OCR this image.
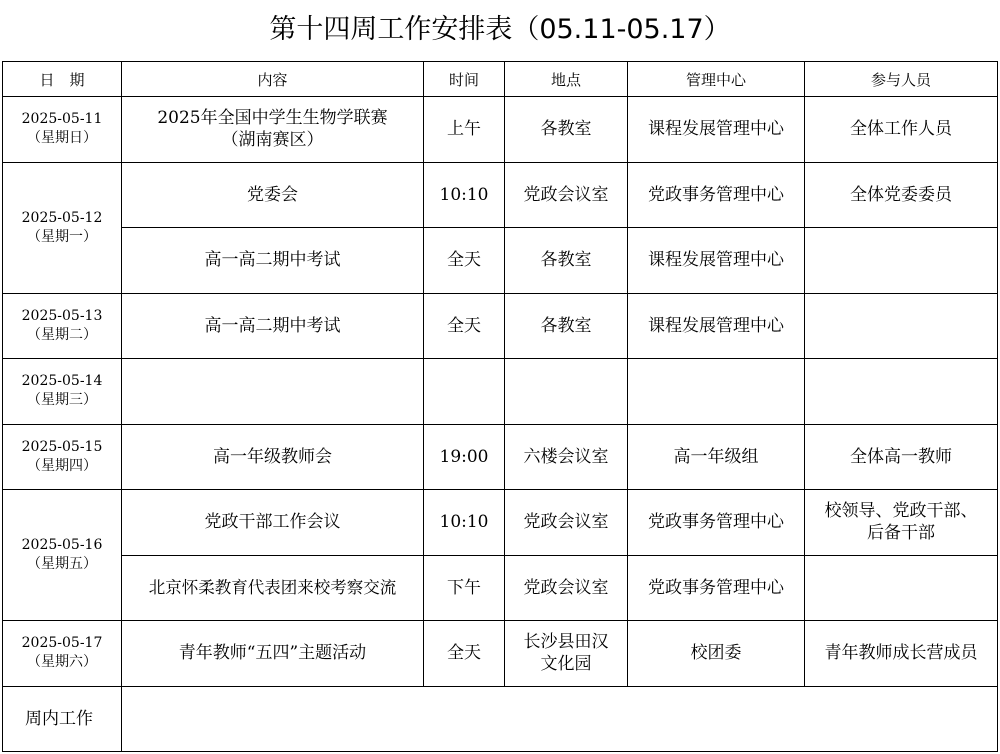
第十四周工作安排表（05.11-05.17）
日　期	内容	时间	地点	管理中心	参与人员

2025-05-11
（星期日）	2025年全国中学生生物学联赛
（湖南赛区）	上午	各教室	课程发展管理中心	全体工作人员

2025-05-12
（星期一）	党委会	10:10	党政会议室	党政事务管理中心	全体党委委员
	高一高二期中考试	全天	各教室	课程发展管理中心	

2025-05-13
（星期二）	高一高二期中考试	全天	各教室	课程发展管理中心	

2025-05-14
（星期三）					

2025-05-15
（星期四）	高一年级教师会	19:00	六楼会议室	高一年级组	全体高一教师

2025-05-16
（星期五）	党政干部工作会议	10:10	党政会议室	党政事务管理中心	校领导、党政干部、
后备干部

	北京怀柔教育代表团来校考察交流	下午	党政会议室	党政事务管理中心	

2025-05-17
（星期六）	青年教师“五四”主题活动	全天	长沙县田汉
文化园	校团委	青年教师成长营成员
周内工作					
